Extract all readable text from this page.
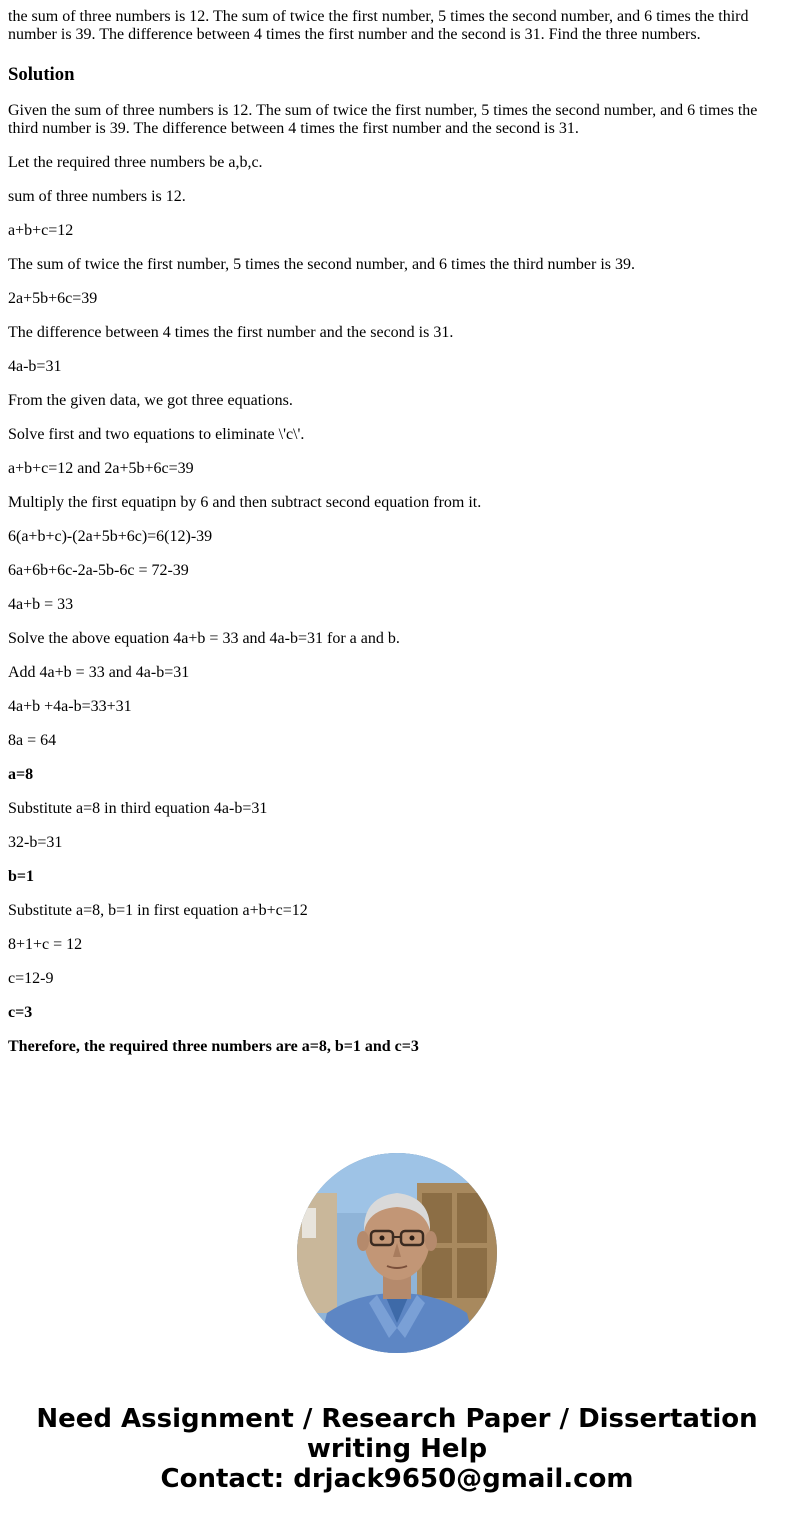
the sum of three numbers is 12. The sum of twice the first number, 5 times the second number, and 6 times the third number is 39. The difference between 4 times the first number and the second is 31. Find the three numbers.

Solution

Given the sum of three numbers is 12. The sum of twice the first number, 5 times the second number, and 6 times the third number is 39. The difference between 4 times the first number and the second is 31.

Let the required three numbers be a,b,c.

sum of three numbers is 12.

a+b+c=12

The sum of twice the first number, 5 times the second number, and 6 times the third number is 39.

2a+5b+6c=39

The difference between 4 times the first number and the second is 31.

4a-b=31

From the given data, we got three equations.

Solve first and two equations to eliminate \'c\'.

a+b+c=12 and 2a+5b+6c=39

Multiply the first equatipn by 6 and then subtract second equation from it.

6(a+b+c)-(2a+5b+6c)=6(12)-39

6a+6b+6c-2a-5b-6c = 72-39

4a+b = 33

Solve the above equation 4a+b = 33 and 4a-b=31 for a and b.

Add 4a+b = 33 and 4a-b=31

4a+b +4a-b=33+31

8a = 64

a=8

Substitute a=8 in third equation 4a-b=31

32-b=31

b=1

Substitute a=8, b=1 in first equation a+b+c=12

8+1+c = 12

c=12-9

c=3

Therefore, the required three numbers are a=8, b=1 and c=3

Need Assignment / Research Paper / Dissertation
writing Help
Contact: drjack9650@gmail.com
